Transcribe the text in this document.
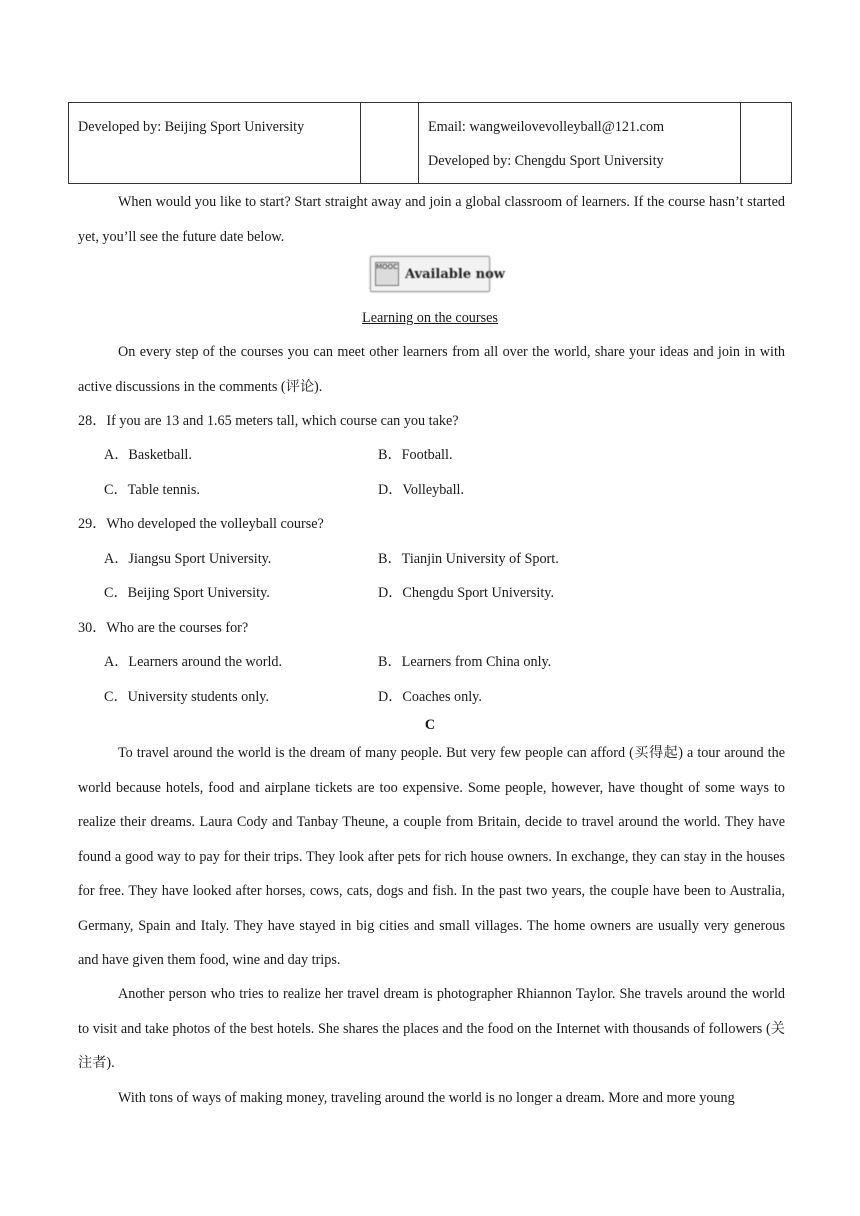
Developed by: Beijing Sport University		Email: wangweilovevolleyball@121.com
Developed by: Chengdu Sport University

When would you like to start? Start straight away and join a global classroom of learners. If the course hasn’t started yet, you’ll see the future date below.

MOOC Available now
Learning on the courses

On every step of the courses you can meet other learners from all over the world, share your ideas and join in with active discussions in the comments (评论).

28．If you are 13 and 1.65 meters tall, which course can you take?
A．Basketball.	B．Football.
C．Table tennis.	D．Volleyball.
29．Who developed the volleyball course?
A．Jiangsu Sport University.	B．Tianjin University of Sport.
C．Beijing Sport University.	D．Chengdu Sport University.
30．Who are the courses for?
A．Learners around the world.	B．Learners from China only.
C．University students only.	D．Coaches only.
C

To travel around the world is the dream of many people. But very few people can afford (买得起) a tour around the world because hotels, food and airplane tickets are too expensive. Some people, however, have thought of some ways to realize their dreams. Laura Cody and Tanbay Theune, a couple from Britain, decide to travel around the world. They have found a good way to pay for their trips. They look after pets for rich house owners. In exchange, they can stay in the houses for free. They have looked after horses, cows, cats, dogs and fish. In the past two years, the couple have been to Australia, Germany, Spain and Italy. They have stayed in big cities and small villages. The home owners are usually very generous and have given them food, wine and day trips.

Another person who tries to realize her travel dream is photographer Rhiannon Taylor. She travels around the world to visit and take photos of the best hotels. She shares the places and the food on the Internet with thousands of followers (关注者).

With tons of ways of making money, traveling around the world is no longer a dream. More and more young
